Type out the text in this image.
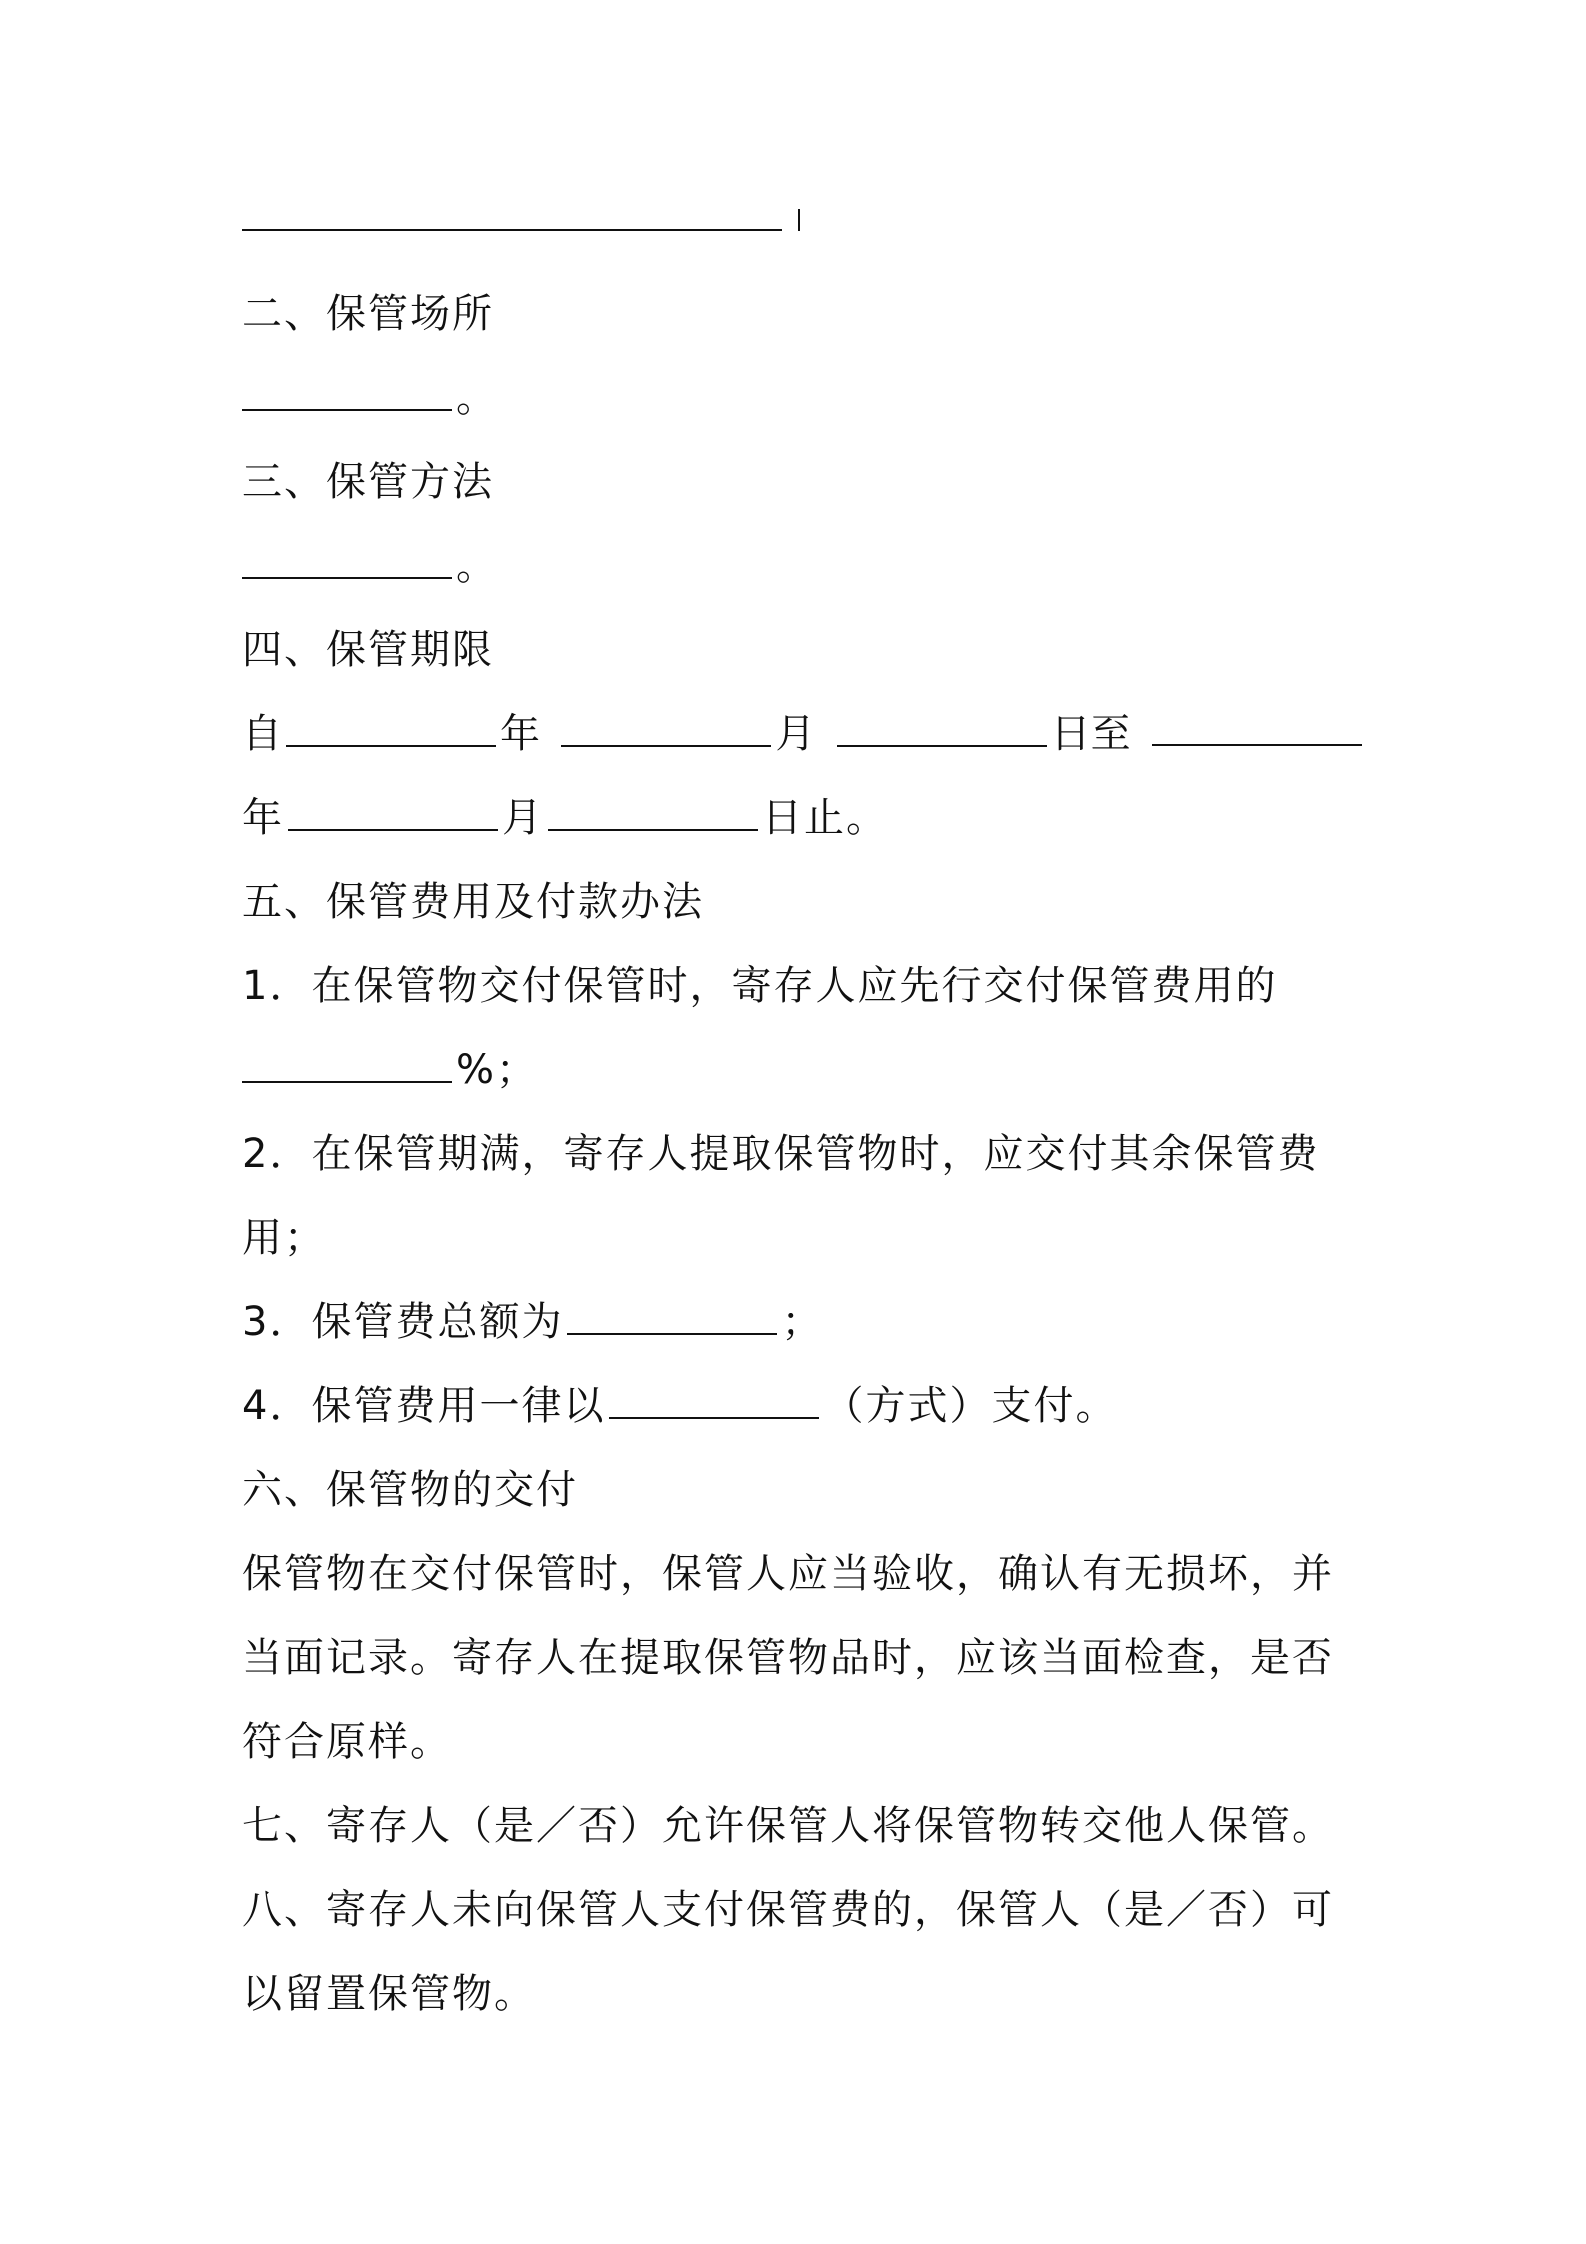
二、保管场所
。
三、保管方法
。
四、保管期限
自	年	月	日至
年	月	日止。
五、保管费用及付款办法
1．在保管物交付保管时，寄存人应先行交付保管费用的
%；
2．在保管期满，寄存人提取保管物时，应交付其余保管费
用；
3．保管费总额为	；
4．保管费用一律以	（方式）支付。
六、保管物的交付
保管物在交付保管时，保管人应当验收，确认有无损坏，并
当面记录。寄存人在提取保管物品时，应该当面检查，是否
符合原样。
七、寄存人（是／否）允许保管人将保管物转交他人保管。
八、寄存人未向保管人支付保管费的，保管人（是／否）可
以留置保管物。
